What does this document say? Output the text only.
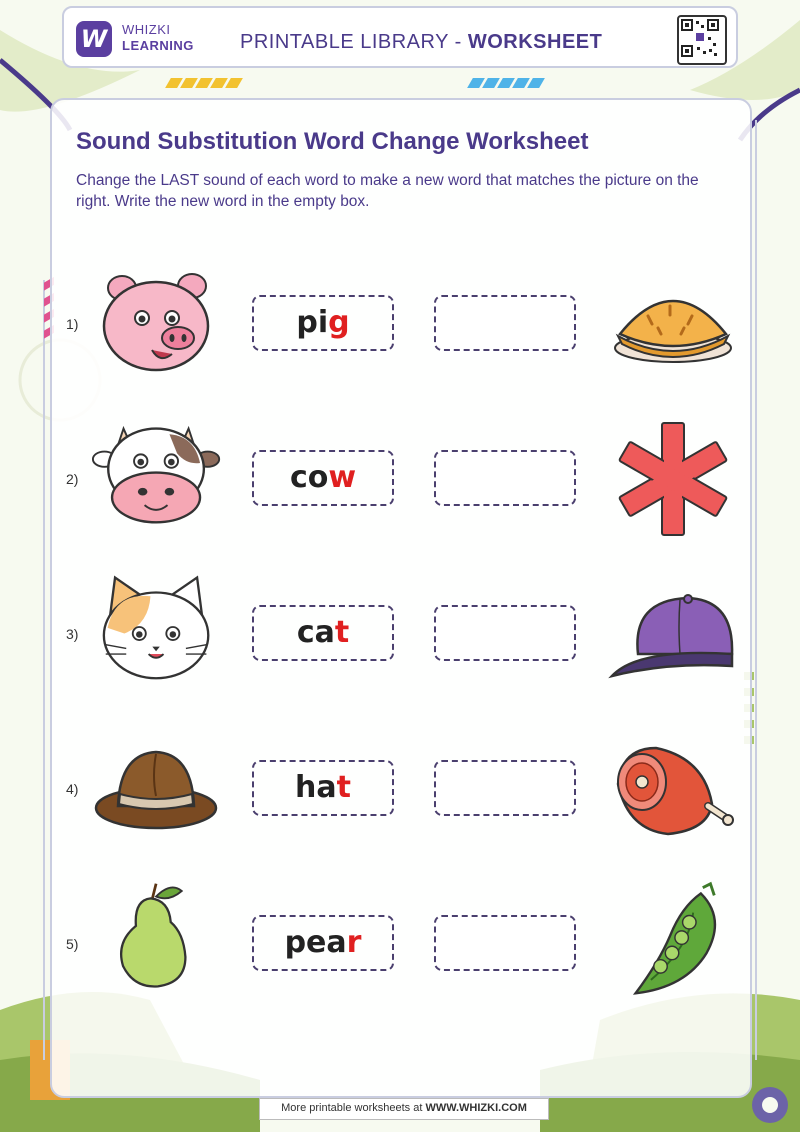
W	WHIZKI
LEARNING PRINTABLE LIBRARY - WORKSHEET
Sound Substitution Word Change Worksheet
Change the LAST sound of each word to make a new word that matches the picture on the right. Write the new word in the empty box.
1)	pig
2)	cow
3)	cat
4)	hat
5)	pear
More printable worksheets at WWW.WHIZKI.COM
